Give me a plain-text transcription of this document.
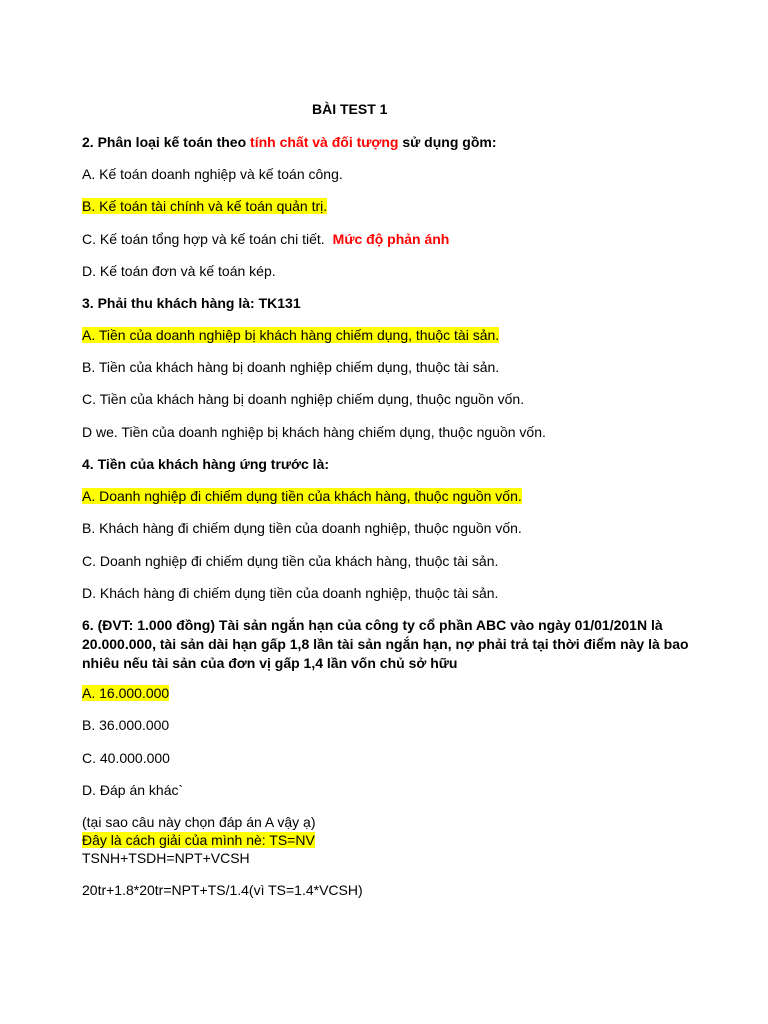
BÀI TEST 1
2. Phân loại kế toán theo tính chất và đối tượng sử dụng gồm:
A. Kế toán doanh nghiệp và kế toán công.
B. Kế toán tài chính và kế toán quản trị.
C. Kế toán tổng hợp và kế toán chi tiết. Mức độ phản ánh
D. Kế toán đơn và kế toán kép.
3. Phải thu khách hàng là: TK131
A. Tiền của doanh nghiệp bị khách hàng chiếm dụng, thuộc tài sản.
B. Tiền của khách hàng bị doanh nghiệp chiếm dụng, thuộc tài sản.
C. Tiền của khách hàng bị doanh nghiệp chiếm dụng, thuộc nguồn vốn.
D we. Tiền của doanh nghiệp bị khách hàng chiếm dụng, thuộc nguồn vốn.
4. Tiền của khách hàng ứng trước là:
A. Doanh nghiệp đi chiếm dụng tiền của khách hàng, thuộc nguồn vốn.
B. Khách hàng đi chiếm dụng tiền của doanh nghiệp, thuộc nguồn vốn.
C. Doanh nghiệp đi chiếm dụng tiền của khách hàng, thuộc tài sản.
D. Khách hàng đi chiếm dụng tiền của doanh nghiệp, thuộc tài sản.
6. (ĐVT: 1.000 đồng) Tài sản ngắn hạn của công ty cổ phần ABC vào ngày 01/01/201N là 20.000.000, tài sản dài hạn gấp 1,8 lần tài sản ngắn hạn, nợ phải trả tại thời điểm này là bao nhiêu nếu tài sản của đơn vị gấp 1,4 lần vốn chủ sở hữu
A. 16.000.000
B. 36.000.000
C. 40.000.000
D. Đáp án khác`
(tại sao câu này chọn đáp án A vậy ạ)
Đây là cách giải của mình nè: TS=NV
TSNH+TSDH=NPT+VCSH
20tr+1.8*20tr=NPT+TS/1.4(vì TS=1.4*VCSH)
